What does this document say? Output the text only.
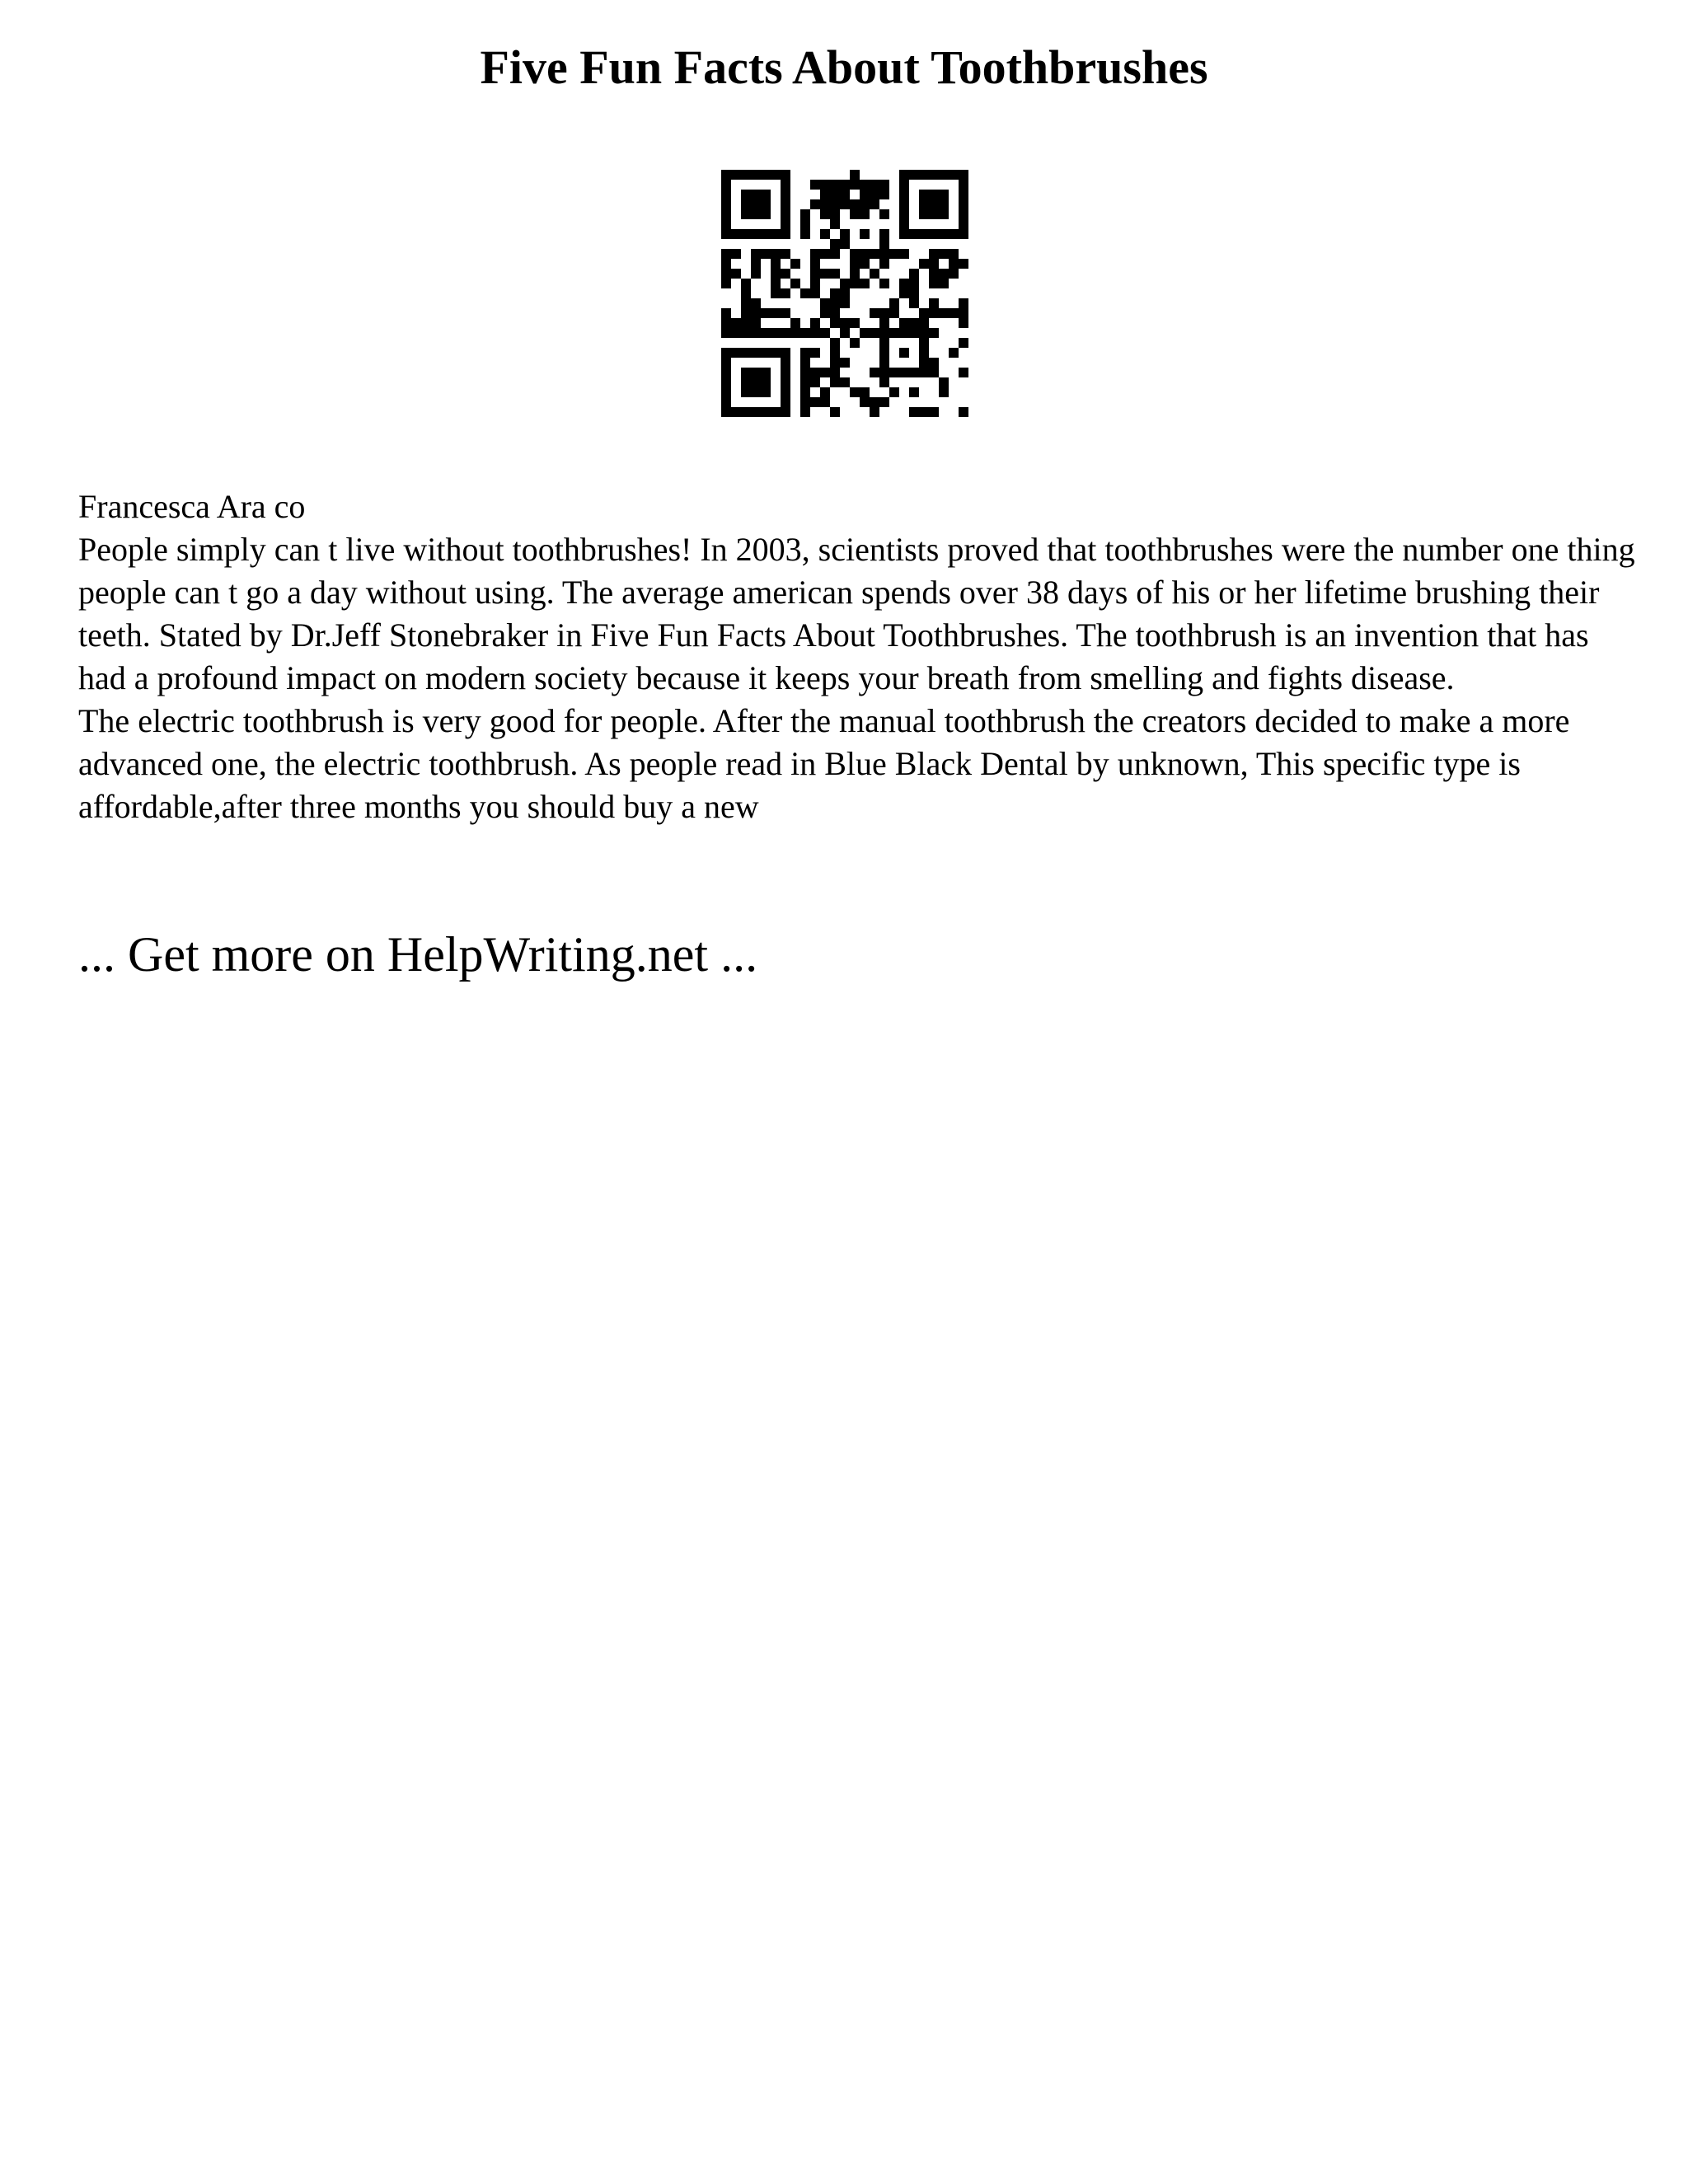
Five Fun Facts About Toothbrushes

Francesca Ara co

People simply can t live without toothbrushes! In 2003, scientists proved that toothbrushes were the number one thing people can t go a day without using. The average american spends over 38 days of his or her lifetime brushing their teeth. Stated by Dr.Jeff Stonebraker in Five Fun Facts About Toothbrushes. The toothbrush is an invention that has had a profound impact on modern society because it keeps your breath from smelling and fights disease.

The electric toothbrush is very good for people. After the manual toothbrush the creators decided to make a more advanced one, the electric toothbrush. As people read in Blue Black Dental by unknown, This specific type is affordable,after three months you should buy a new

... Get more on HelpWriting.net ...
